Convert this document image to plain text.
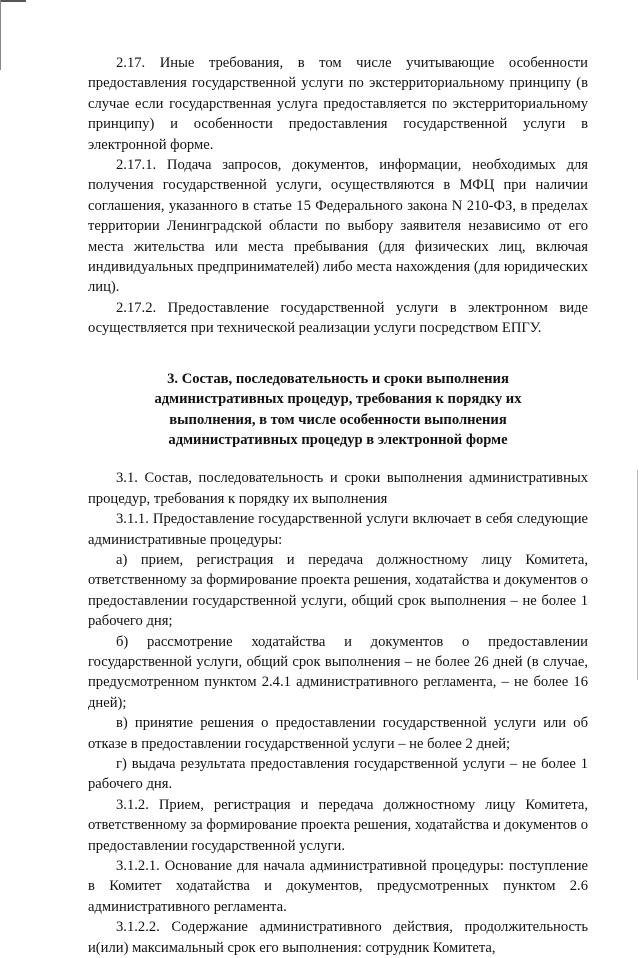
2.17. Иные требования, в том числе учитывающие особенности предоставления государственной услуги по экстерриториальному принципу (в случае если государственная услуга предоставляется по экстерриториальному принципу) и особенности предоставления государственной услуги в электронной форме.

2.17.1. Подача запросов, документов, информации, необходимых для получения государственной услуги, осуществляются в МФЦ при наличии соглашения, указанного в статье 15 Федерального закона N 210-ФЗ, в пределах территории Ленинградской области по выбору заявителя независимо от его места жительства или места пребывания (для физических лиц, включая индивидуальных предпринимателей) либо места нахождения (для юридических лиц).

2.17.2. Предоставление государственной услуги в электронном виде осуществляется при технической реализации услуги посредством ЕПГУ.

3. Состав, последовательность и сроки выполнения административных процедур, требования к порядку их выполнения, в том числе особенности выполнения административных процедур в электронной форме

3.1. Состав, последовательность и сроки выполнения административных процедур, требования к порядку их выполнения

3.1.1. Предоставление государственной услуги включает в себя следующие административные процедуры:

а) прием, регистрация и передача должностному лицу Комитета, ответственному за формирование проекта решения, ходатайства и документов о предоставлении государственной услуги, общий срок выполнения – не более 1 рабочего дня;

б) рассмотрение ходатайства и документов о предоставлении государственной услуги, общий срок выполнения – не более 26 дней (в случае, предусмотренном пунктом 2.4.1 административного регламента, – не более 16 дней);

в) принятие решения о предоставлении государственной услуги или об отказе в предоставлении государственной услуги – не более 2 дней;

г) выдача результата предоставления государственной услуги – не более 1 рабочего дня.

3.1.2. Прием, регистрация и передача должностному лицу Комитета, ответственному за формирование проекта решения, ходатайства и документов о предоставлении государственной услуги.

3.1.2.1. Основание для начала административной процедуры: поступление в Комитет ходатайства и документов, предусмотренных пунктом 2.6 административного регламента.

3.1.2.2. Содержание административного действия, продолжительность и(или) максимальный срок его выполнения: сотрудник Комитета,
